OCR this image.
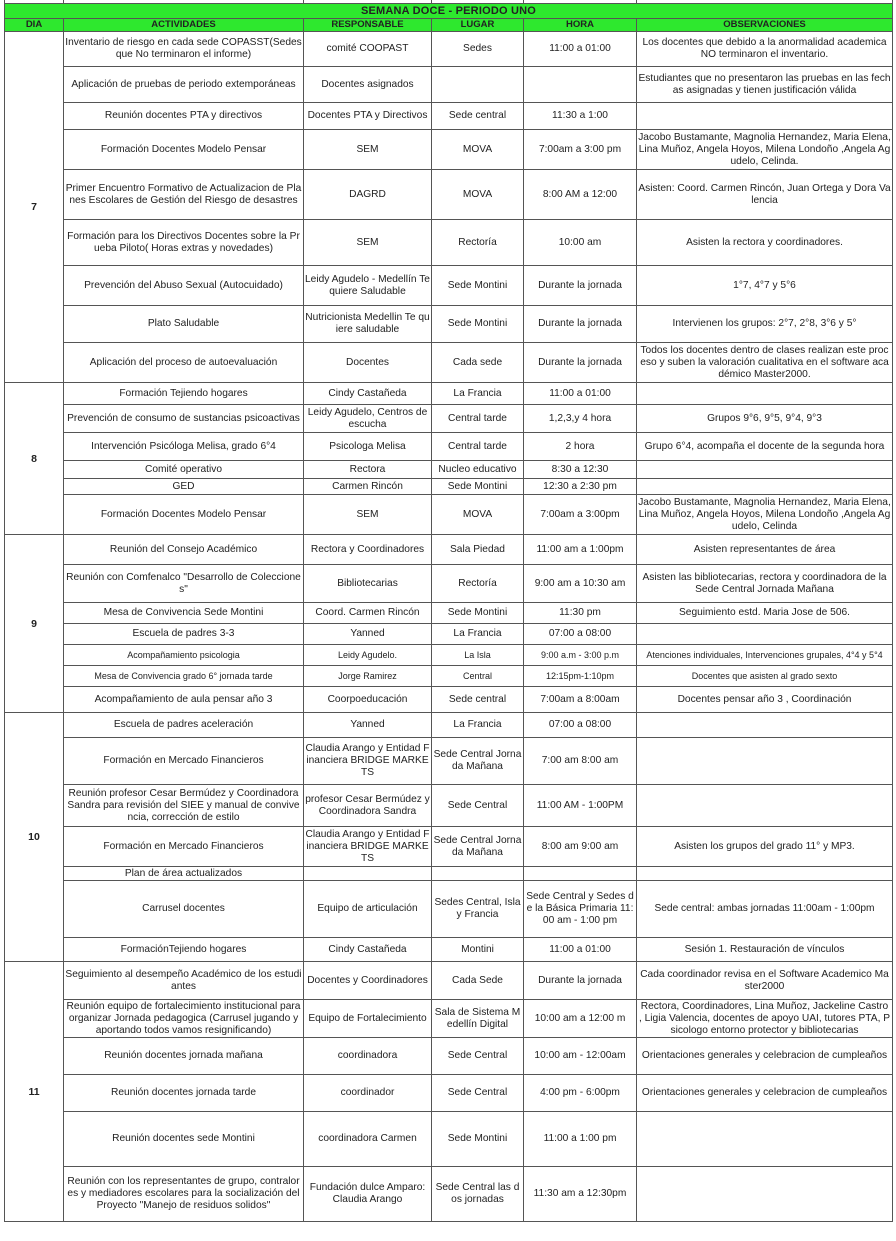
SEMANA DOCE - PERIODO UNO					
DIA	ACTIVIDADES	RESPONSABLE	LUGAR	HORA	OBSERVACIONES
7	Inventario de riesgo en cada sede COPASST(Sedes que No terminaron el informe)	comité COOPAST	Sedes	11:00 a 01:00	Los docentes que debido a la anormalidad academica NO terminaron el inventario.
	Aplicación de pruebas de periodo extemporáneas	Docentes asignados			Estudiantes que no presentaron las pruebas en las fechas asignadas y tienen justificación válida
	Reunión docentes PTA y directivos	Docentes PTA y Directivos	Sede central	11:30 a 1:00	
	Formación Docentes Modelo Pensar	SEM	MOVA	7:00am a 3:00 pm	Jacobo Bustamante, Magnolia Hernandez, Maria Elena, Lina Muñoz, Angela Hoyos, Milena Londoño ,Angela Agudelo, Celinda.
	Primer Encuentro Formativo de Actualizacion de Planes Escolares de Gestión del Riesgo de desastres	DAGRD	MOVA	8:00 AM a 12:00	Asisten: Coord. Carmen Rincón, Juan Ortega y Dora Valencia
	Formación para los Directivos Docentes sobre la Prueba Piloto( Horas extras y novedades)	SEM	Rectoría	10:00 am	Asisten la rectora y coordinadores.
	Prevención del Abuso Sexual (Autocuidado)	Leidy Agudelo - Medellín Te quiere Saludable	Sede Montini	Durante la jornada	1°7, 4°7 y 5°6
	Plato Saludable	Nutricionista Medellin Te quiere saludable	Sede Montini	Durante la jornada	Intervienen los grupos: 2°7, 2°8, 3°6 y 5°
	Aplicación del proceso de autoevaluación	Docentes	Cada sede	Durante la jornada	Todos los docentes dentro de clases realizan este proceso y suben la valoración cualitativa en el software académico Master2000.
8	Formación Tejiendo hogares	Cindy Castañeda	La Francia	11:00 a 01:00	
	Prevención de consumo de sustancias psicoactivas	Leidy Agudelo, Centros de escucha	Central tarde	1,2,3,y 4 hora	Grupos 9°6, 9°5, 9°4, 9°3
	Intervención Psicóloga Melisa, grado 6°4	Psicologa Melisa	Central tarde	2 hora	Grupo 6°4, acompaña el docente de la segunda hora
	Comité operativo	Rectora	Nucleo educativo	8:30 a 12:30	
	GED	Carmen Rincón	Sede Montini	12:30 a 2:30 pm	
	Formación Docentes Modelo Pensar	SEM	MOVA	7:00am a 3:00pm	Jacobo Bustamante, Magnolia Hernandez, Maria Elena, Lina Muñoz, Angela Hoyos, Milena Londoño ,Angela Agudelo, Celinda
9	Reunión del Consejo Académico	Rectora y Coordinadores	Sala Piedad	11:00 am a 1:00pm	Asisten representantes de área
	Reunión con Comfenalco "Desarrollo de Colecciones"	Bibliotecarias	Rectoría	9:00 am a 10:30 am	Asisten las bibliotecarias, rectora y coordinadora de la Sede Central Jornada Mañana
	Mesa de Convivencia Sede Montini	Coord. Carmen Rincón	Sede Montini	11:30 pm	Seguimiento estd. Maria Jose de 506.
	Escuela de padres 3-3	Yanned	La Francia	07:00 a 08:00	
	Acompañamiento psicologia	Leidy Agudelo.	La Isla	9:00 a.m - 3:00 p.m	Atenciones individuales, Intervenciones grupales, 4°4 y 5°4
	Mesa de Convivencia grado 6° jornada tarde	Jorge Ramirez	Central	12:15pm-1:10pm	Docentes que asisten al grado sexto
	Acompañamiento de aula pensar año 3	Coorpoeducación	Sede central	7:00am a 8:00am	Docentes pensar año 3 , Coordinación
10	Escuela de padres aceleración	Yanned	La Francia	07:00 a 08:00	
	Formación en Mercado Financieros	Claudia Arango y Entidad Financiera BRIDGE MARKETS	Sede Central Jornada Mañana	7:00 am 8:00 am	
	Reunión profesor Cesar Bermúdez y Coordinadora Sandra para revisión del SIEE y manual de convivencia, corrección de estilo	profesor Cesar Bermúdez y Coordinadora Sandra	Sede Central	11:00 AM - 1:00PM	
	Formación en Mercado Financieros	Claudia Arango y Entidad Financiera BRIDGE MARKETS	Sede Central Jornada Mañana	8:00 am 9:00 am	Asisten los grupos del grado 11° y MP3.
	Plan de área actualizados				
	Carrusel docentes	Equipo de articulación	Sedes Central, Isla y Francia	Sede Central y Sedes de la Básica Primaria 11:00 am - 1:00 pm	Sede central: ambas jornadas 11:00am - 1:00pm
	FormaciónTejiendo hogares	Cindy Castañeda	Montini	11:00 a 01:00	Sesión 1. Restauración de vínculos
11	Seguimiento al desempeño Académico de los estudiantes	Docentes y Coordinadores	Cada Sede	Durante la jornada	Cada coordinador revisa en el Software Academico Master2000
	Reunión equipo de fortalecimiento institucional para organizar Jornada pedagogica (Carrusel jugando y aportando todos vamos resignificando)	Equipo de Fortalecimiento	Sala de Sistema Medellín Digital	10:00 am a 12:00 m	Rectora, Coordinadores, Lina Muñoz, Jackeline Castro , Ligia Valencia, docentes de apoyo UAI, tutores PTA, Psicologo entorno protector y bibliotecarias
	Reunión docentes jornada mañana	coordinadora	Sede Central	10:00 am - 12:00am	Orientaciones generales y celebracion de cumpleaños
	Reunión docentes jornada tarde	coordinador	Sede Central	4:00 pm - 6:00pm	Orientaciones generales y celebracion de cumpleaños
	Reunión docentes sede Montini	coordinadora Carmen	Sede Montini	11:00 a 1:00 pm	
	Reunión con los representantes de grupo, contralores y mediadores escolares para la socialización del Proyecto "Manejo de residuos solidos"	Fundación dulce Amparo: Claudia Arango	Sede Central las dos jornadas	11:30 am a 12:30pm	
